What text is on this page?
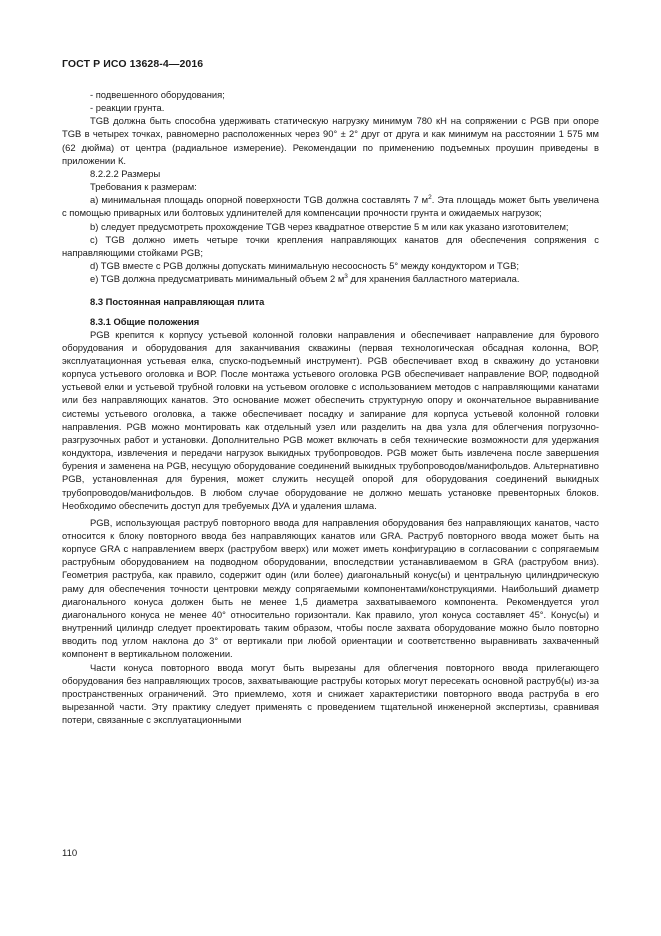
ГОСТ Р ИСО 13628-4—2016

- подвешенного оборудования;

- реакции грунта.

TGB должна быть способна удерживать статическую нагрузку минимум 780 кН на сопряжении с PGB при опоре TGB в четырех точках, равномерно расположенных через 90° ± 2° друг от друга и как минимум на расстоянии 1 575 мм (62 дюйма) от центра (радиальное измерение). Рекомендации по применению подъемных проушин приведены в приложении К.

8.2.2.2 Размеры

Требования к размерам:

а) минимальная площадь опорной поверхности TGB должна составлять 7 $м^2$. Эта площадь может быть увеличена с помощью приварных или болтовых удлинителей для компенсации прочности грунта и ожидаемых нагрузок;

b) следует предусмотреть прохождение TGB через квадратное отверстие 5 м или как указано изготовителем;

c) TGB должно иметь четыре точки крепления направляющих канатов для обеспечения сопряжения с направляющими стойками PGB;

d) TGB вместе с PGB должны допускать минимальную несоосность 5° между кондуктором и TGB;

e) TGB должна предусматривать минимальный объем 2 $м^3$ для хранения балластного материала.

8.3 Постоянная направляющая плита

8.3.1 Общие положения

PGB крепится к корпусу устьевой колонной головки направления и обеспечивает направление для бурового оборудования и оборудования для заканчивания скважины (первая технологическая обсадная колонна, ВОР, эксплуатационная устьевая елка, спуско-подъемный инструмент). PGB обеспечивает вход в скважину до установки корпуса устьевого оголовка и ВОР. После монтажа устьевого оголовка PGB обеспечивает направление ВОР, подводной устьевой елки и устьевой трубной головки на устьевом оголовке с использованием методов с направляющими канатами или без направляющих канатов. Это основание может обеспечить структурную опору и окончательное выравнивание системы устьевого оголовка, а также обеспечивает посадку и запирание для корпуса устьевой колонной головки направления. PGB можно монтировать как отдельный узел или разделить на два узла для облегчения погрузочно-разгрузочных работ и установки. Дополнительно PGB может включать в себя технические возможности для удержания кондуктора, извлечения и передачи нагрузок выкидных трубопроводов. PGB может быть извлечена после завершения бурения и заменена на PGB, несущую оборудование соединений выкидных трубопроводов/манифольдов. Альтернативно PGB, установленная для бурения, может служить несущей опорой для оборудования соединений выкидных трубопроводов/манифольдов. В любом случае оборудование не должно мешать установке превенторных блоков. Необходимо обеспечить доступ для требуемых ДУА и удаления шлама.

PGB, использующая раструб повторного ввода для направления оборудования без направляющих канатов, часто относится к блоку повторного ввода без направляющих канатов или GRA. Раструб повторного ввода может быть на корпусе GRA с направлением вверх (раструбом вверх) или может иметь конфигурацию в согласовании с сопрягаемым раструбным оборудованием на подводном оборудовании, впоследствии устанавливаемом в GRA (раструбом вниз). Геометрия раструба, как правило, содержит один (или более) диагональный конус(ы) и центральную цилиндрическую раму для обеспечения точности центровки между сопрягаемыми компонентами/конструкциями. Наибольший диаметр диагонального конуса должен быть не менее 1,5 диаметра захватываемого компонента. Рекомендуется угол диагонального конуса не менее 40° относительно горизонтали. Как правило, угол конуса составляет 45°. Конус(ы) и внутренний цилиндр следует проектировать таким образом, чтобы после захвата оборудование можно было повторно вводить под углом наклона до 3° от вертикали при любой ориентации и соответственно выравнивать захваченный компонент в вертикальном положении.

Части конуса повторного ввода могут быть вырезаны для облегчения повторного ввода прилегающего оборудования без направляющих тросов, захватывающие раструбы которых могут пересекать основной раструб(ы) из-за пространственных ограничений. Это приемлемо, хотя и снижает характеристики повторного ввода раструба в его вырезанной части. Эту практику следует применять с проведением тщательной инженерной экспертизы, сравнивая потери, связанные с эксплуатационными

110
